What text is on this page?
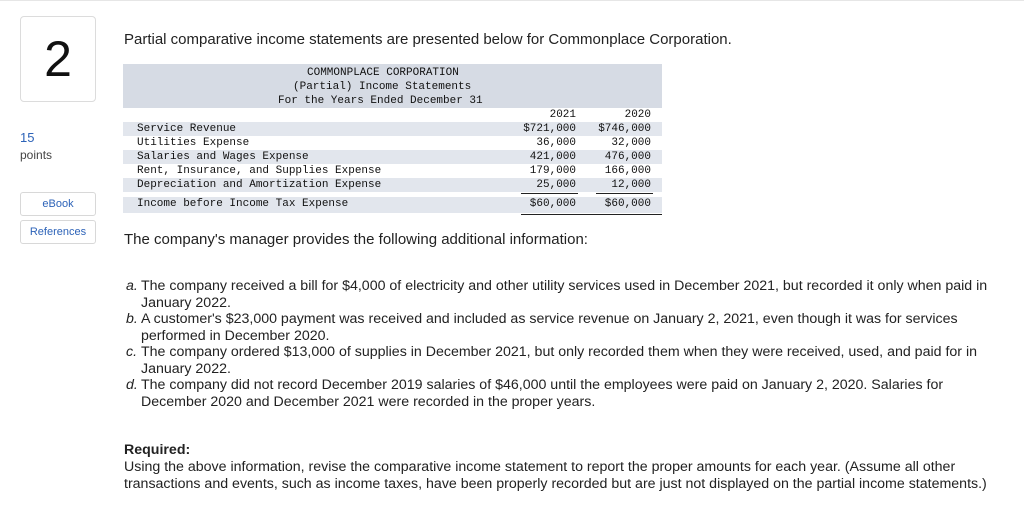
2
15
points
eBook
References
Partial comparative income statements are presented below for Commonplace Corporation.
COMMONPLACE CORPORATION
(Partial) Income Statements
For the Years Ended December 31
2021	2020
Service Revenue	$721,000	$746,000
Utilities Expense	36,000	32,000
Salaries and Wages Expense	421,000	476,000
Rent, Insurance, and Supplies Expense	179,000	166,000
Depreciation and Amortization Expense	25,000	12,000
Income before Income Tax Expense	$60,000	$60,000
The company's manager provides the following additional information:
a. The company received a bill for $4,000 of electricity and other utility services used in December 2021, but recorded it only when paid in January 2022.
b. A customer's $23,000 payment was received and included as service revenue on January 2, 2021, even though it was for services performed in December 2020.
c. The company ordered $13,000 of supplies in December 2021, but only recorded them when they were received, used, and paid for in January 2022.
d. The company did not record December 2019 salaries of $46,000 until the employees were paid on January 2, 2020. Salaries for December 2020 and December 2021 were recorded in the proper years.
Required:
Using the above information, revise the comparative income statement to report the proper amounts for each year. (Assume all other transactions and events, such as income taxes, have been properly recorded but are just not displayed on the partial income statements.)
